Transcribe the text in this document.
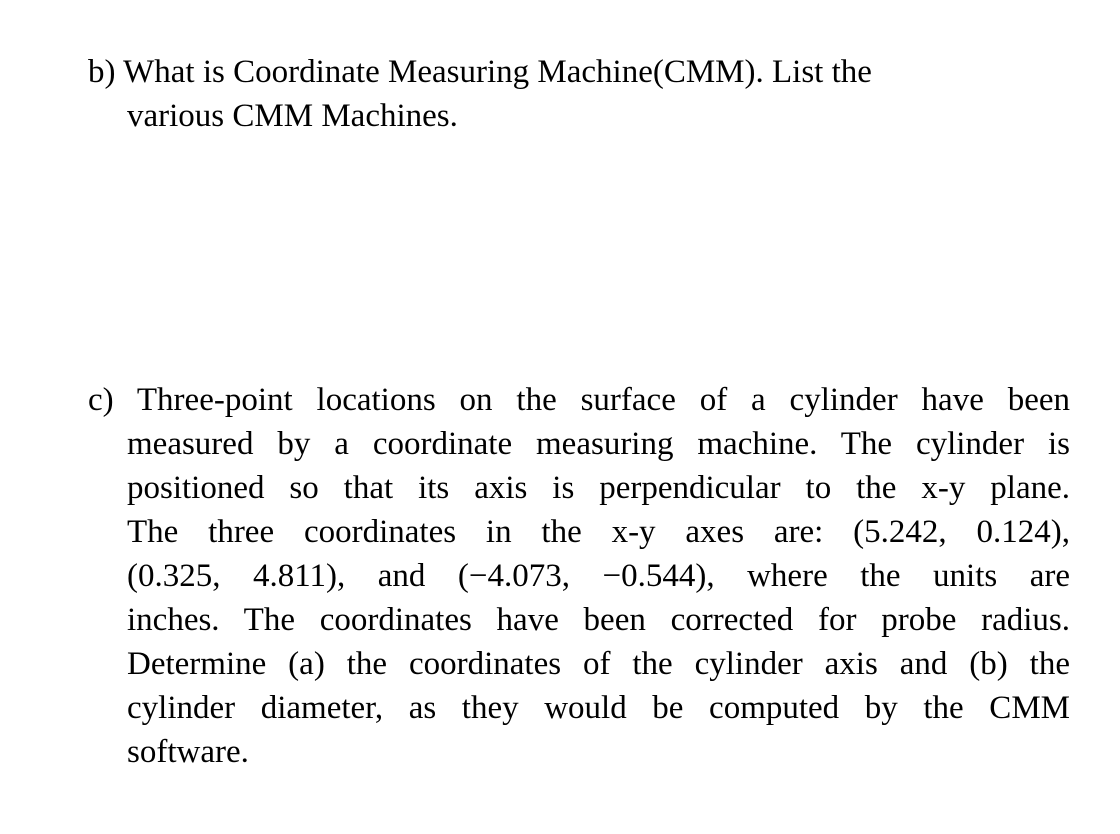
b) What is Coordinate Measuring Machine(CMM). List the
various CMM Machines.
c) Three-point locations on the surface of a cylinder have been
measured by a coordinate measuring machine. The cylinder is
positioned so that its axis is perpendicular to the x-y plane.
The three coordinates in the x-y axes are: (5.242, 0.124),
(0.325, 4.811), and (−4.073, −0.544), where the units are
inches. The coordinates have been corrected for probe radius.
Determine (a) the coordinates of the cylinder axis and (b) the
cylinder diameter, as they would be computed by the CMM
software.
